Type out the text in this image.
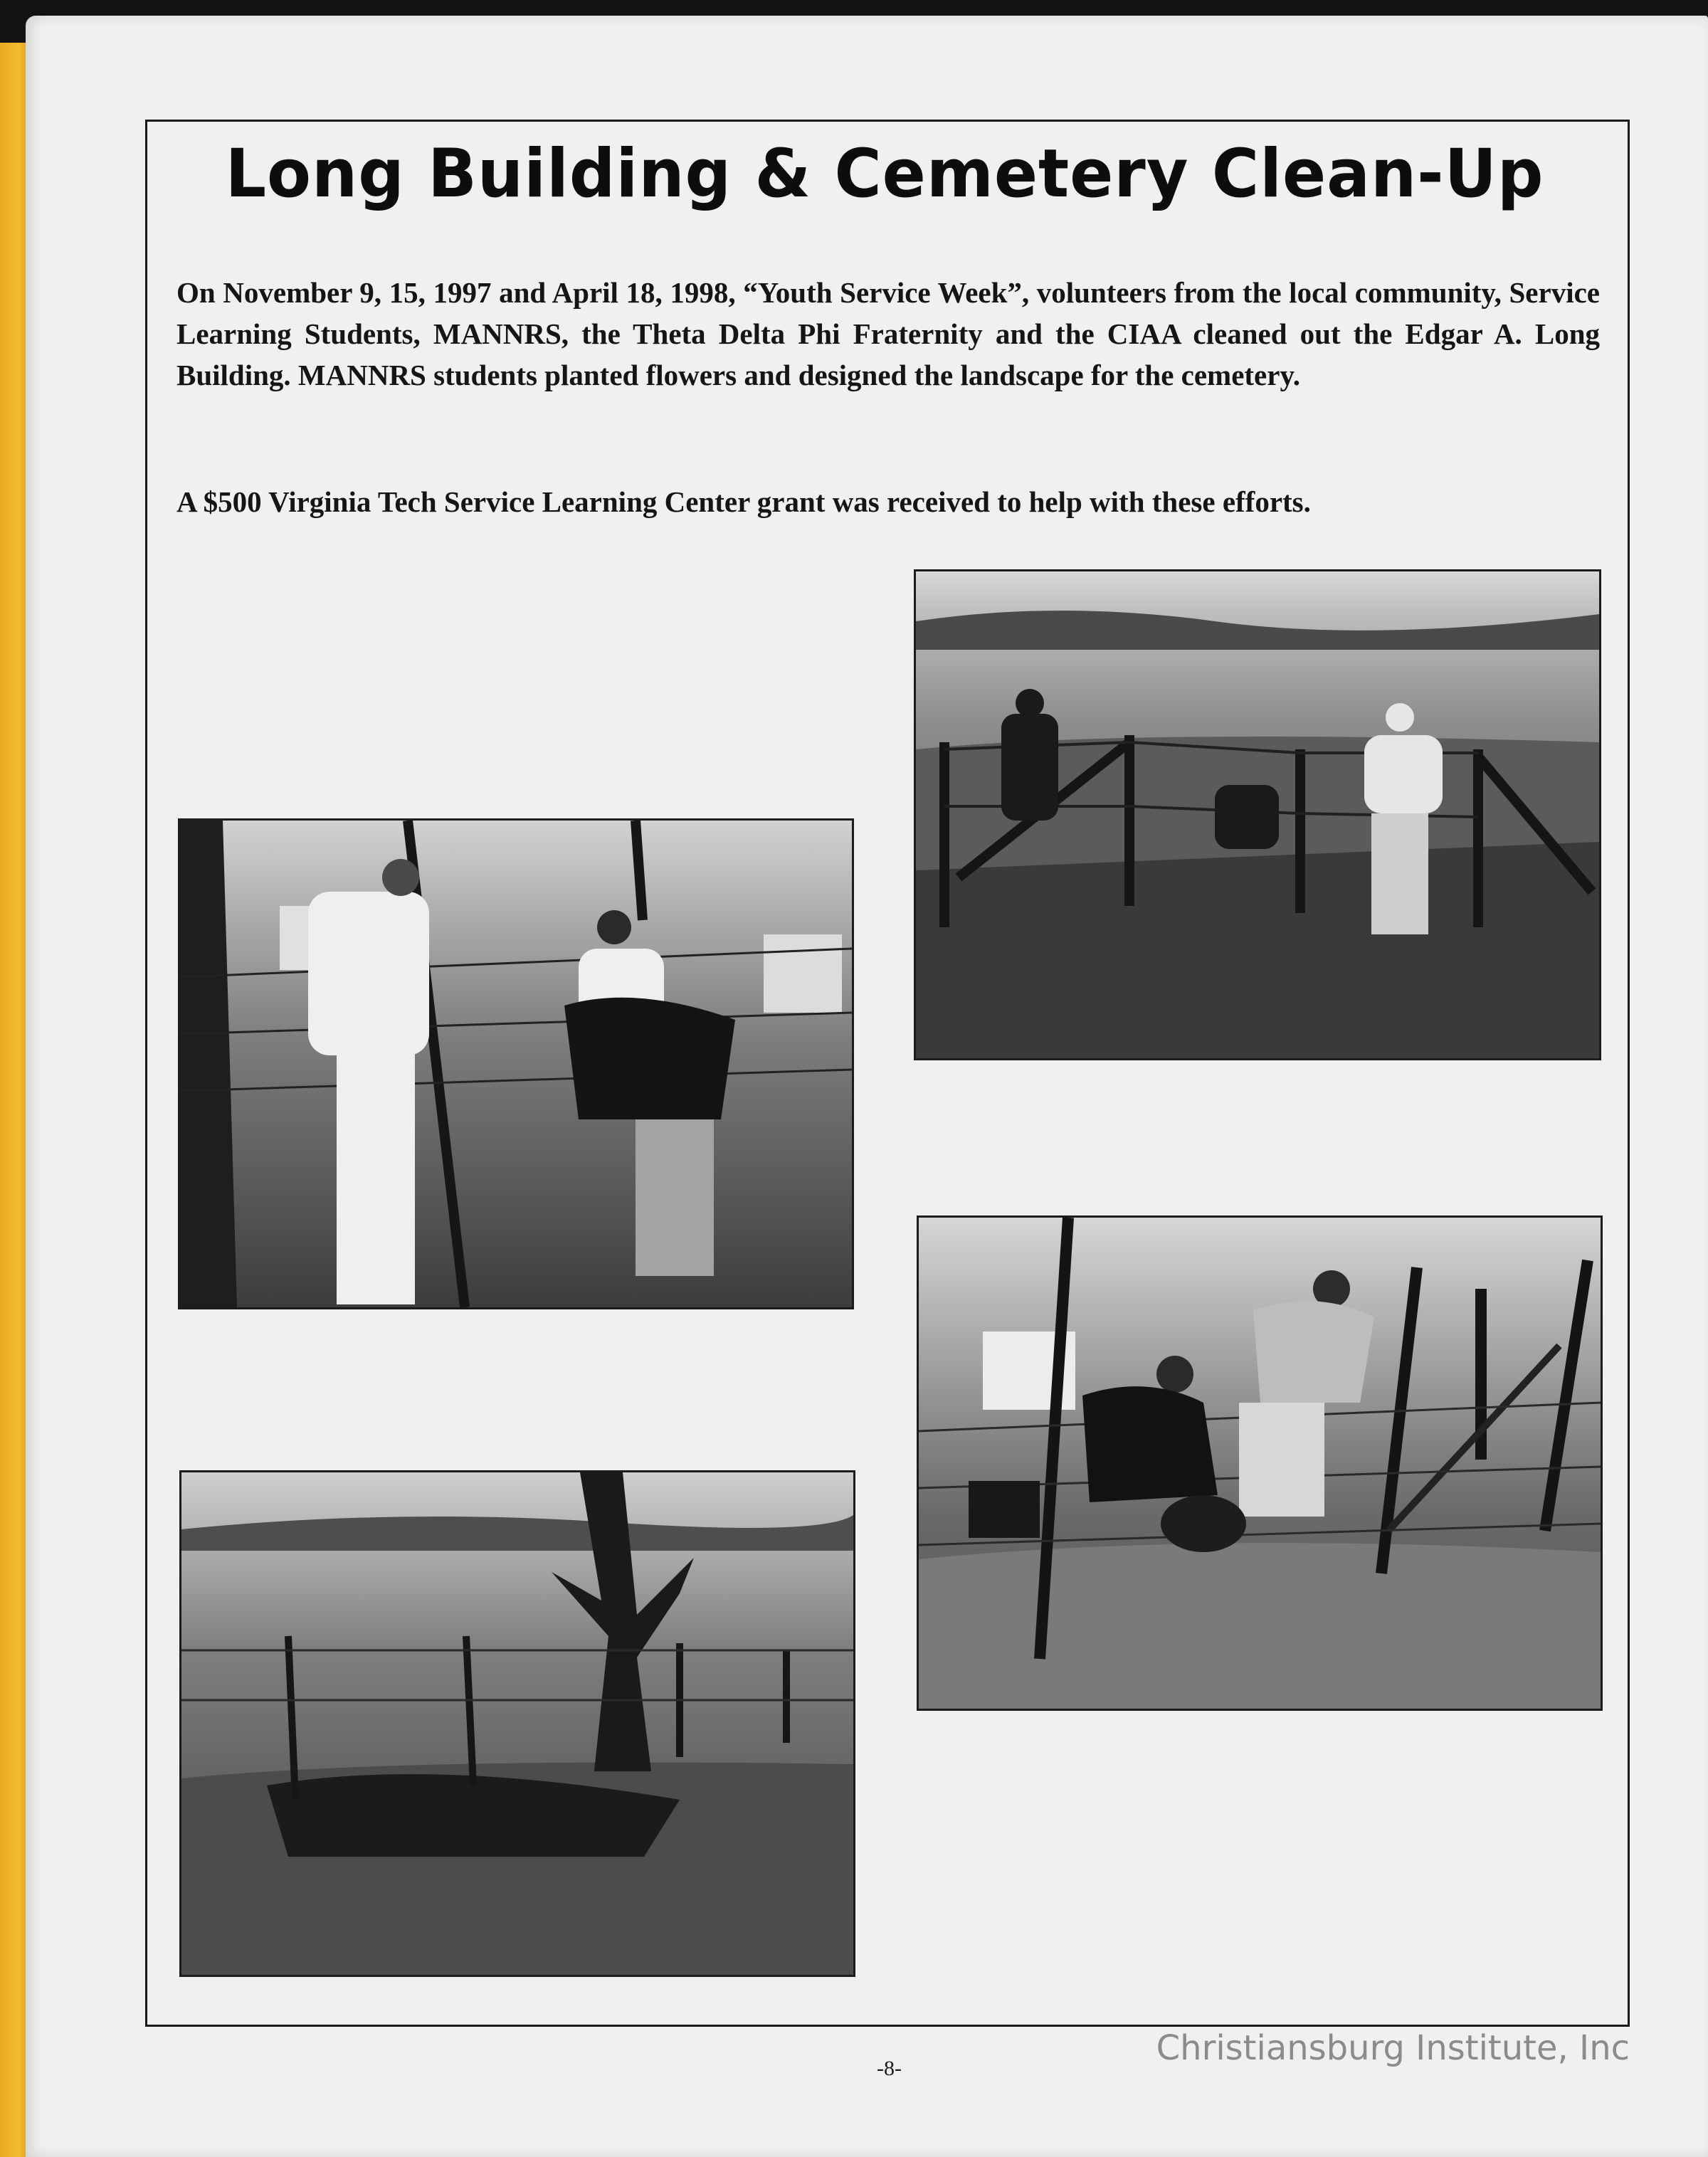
Long Building & Cemetery Clean-Up

On November 9, 15, 1997 and April 18, 1998, “Youth Service Week”, volunteers from the local community, Service Learning Students, MANNRS, the Theta Delta Phi Fraternity and the CIAA cleaned out the Edgar A. Long Building. MANNRS students planted flowers and designed the landscape for the cemetery.

A $500 Virginia Tech Service Learning Center grant was received to help with these efforts.

-8-
Christiansburg Institute, Inc
